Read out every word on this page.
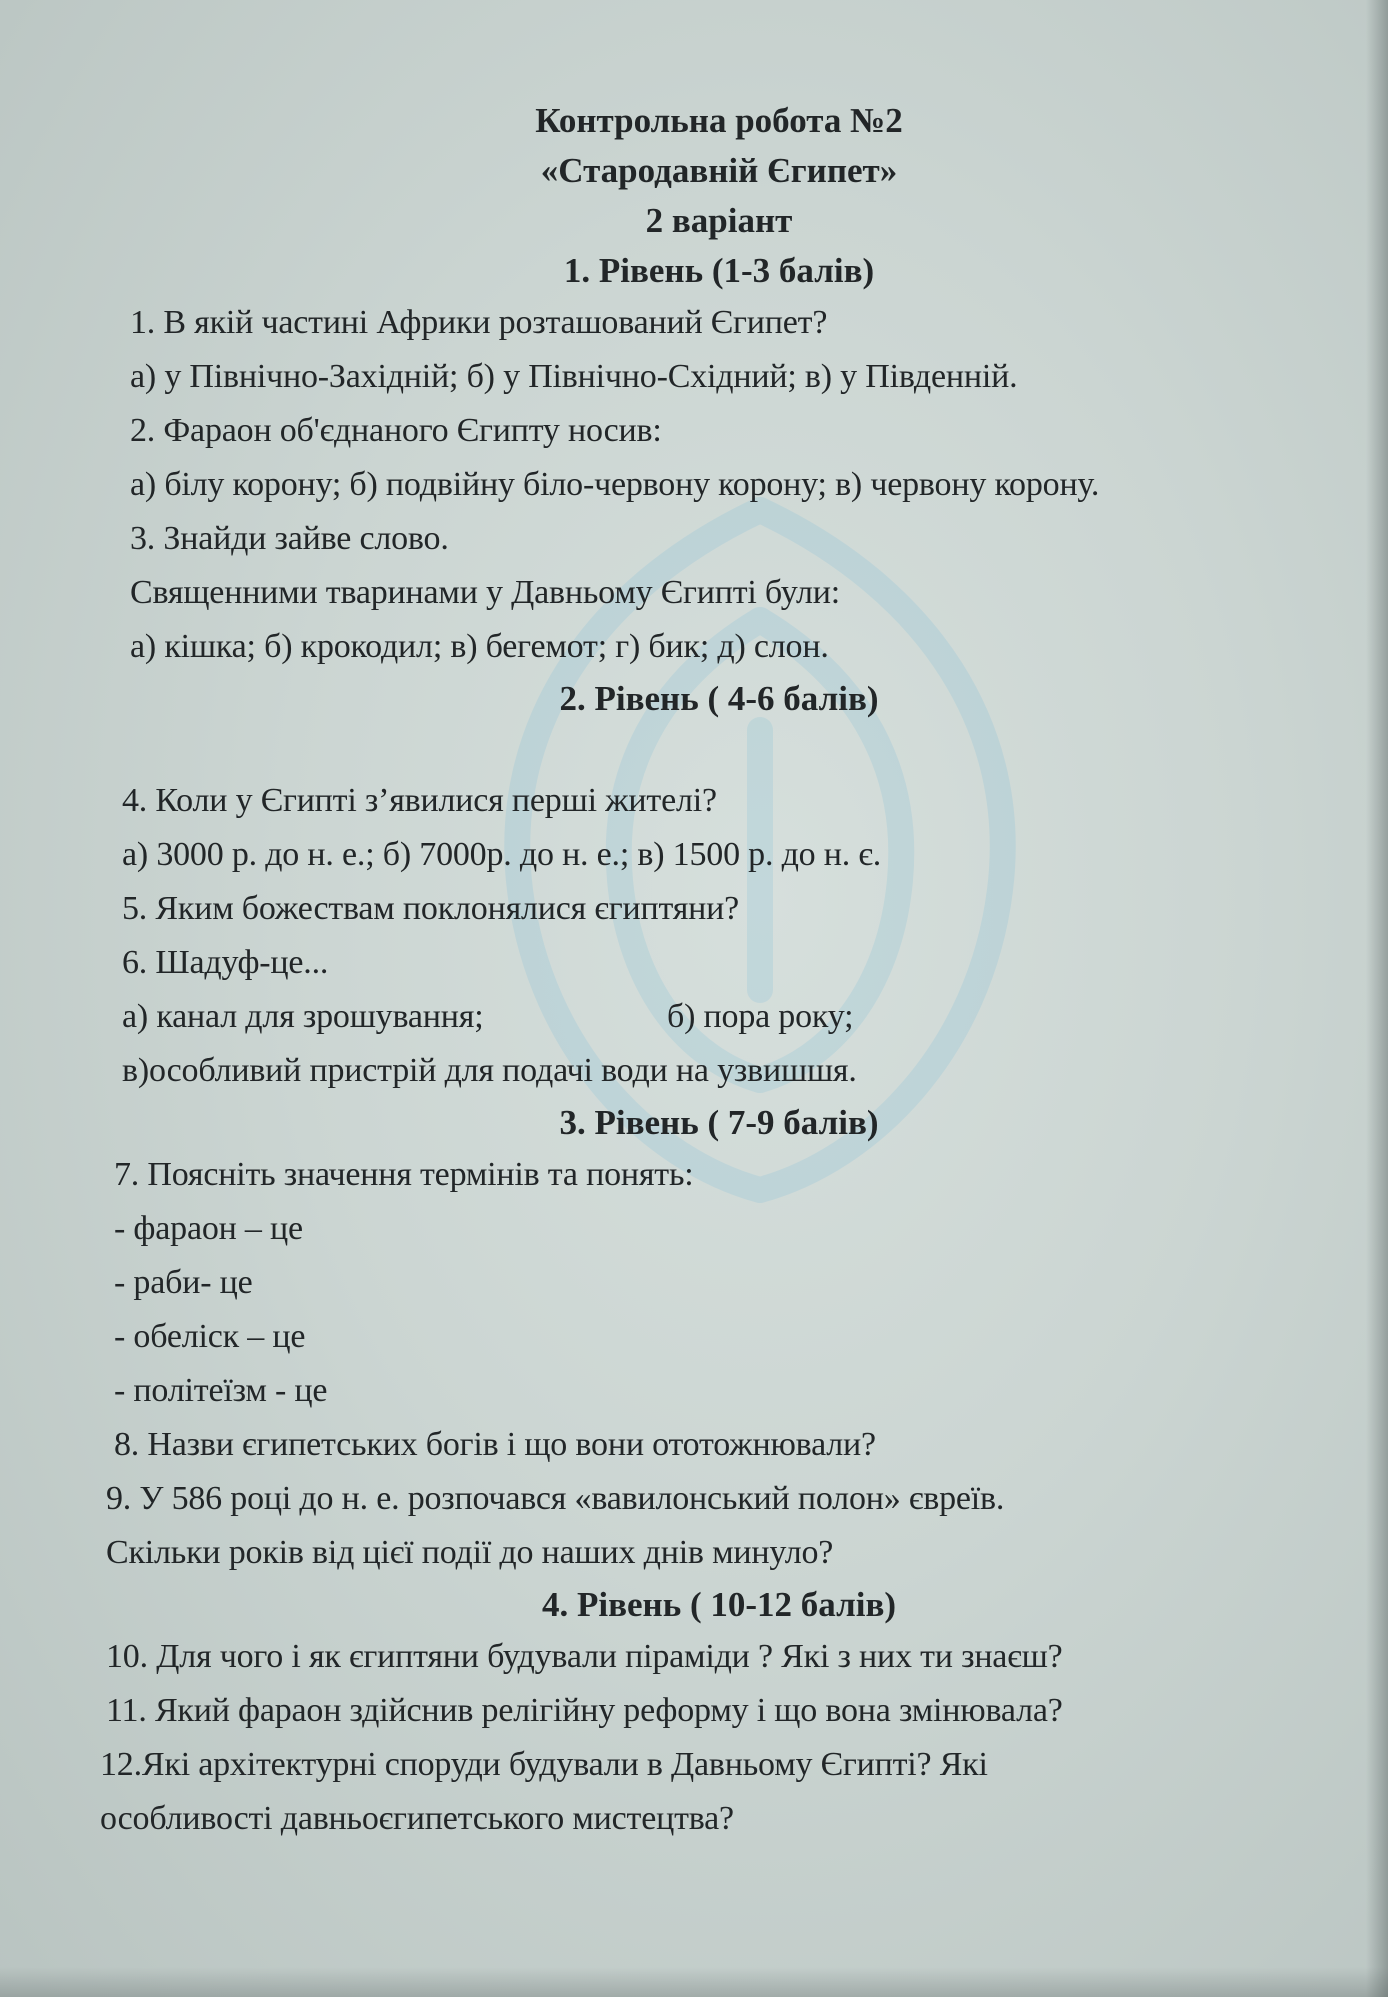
Контрольна робота №2
«Стародавній Єгипет»
2 варіант
1. Рівень (1-3 балів)
1. В якій частині Африки розташований Єгипет?
а) у Північно-Західній; б) у Північно-Східний; в) у Південній.
2. Фараон об'єднаного Єгипту носив:
а) білу корону; б) подвійну біло-червону корону; в) червону корону.
3. Знайди зайве слово.
Священними тваринами у Давньому Єгипті були:
а) кішка; б) крокодил; в) бегемот; г) бик; д) слон.
2. Рівень ( 4-6 балів)
4. Коли у Єгипті з’явилися перші жителі?
а) 3000 р. до н. е.; б) 7000р. до н. е.; в) 1500 р. до н. є.
5. Яким божествам поклонялися єгиптяни?
6. Шадуф-це...
а) канал для зрошування;	б) пора року;
в)особливий пристрій для подачі води на узвишшя.
3. Рівень ( 7-9 балів)
7. Поясніть значення термінів та понять:
- фараон – це
- раби- це
- обеліск – це
- політеїзм - це
8. Назви єгипетських богів і що вони ототожнювали?
9. У 586 році до н. е. розпочався «вавилонський полон» євреїв.
Скільки років від цієї події до наших днів минуло?
4. Рівень ( 10-12 балів)
10. Для чого і як єгиптяни будували піраміди ? Які з них ти знаєш?
11. Який фараон здійснив релігійну реформу і що вона змінювала?
12.Які архітектурні споруди будували в Давньому Єгипті? Які
особливості давньоєгипетського мистецтва?
